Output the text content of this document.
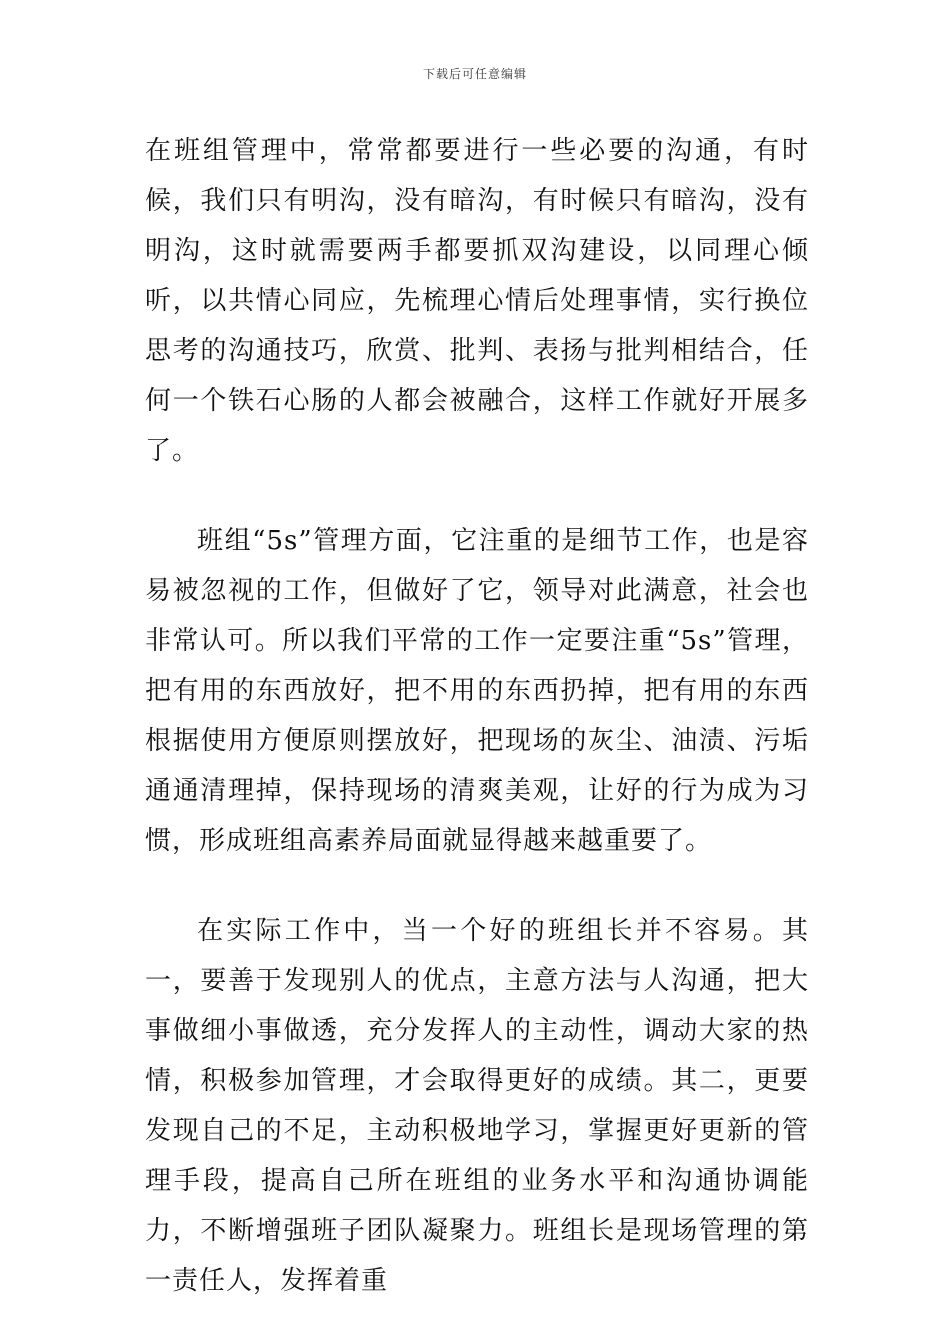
下载后可任意编辑

在班组管理中，常常都要进行一些必要的沟通，有时候，我们只有明沟，没有暗沟，有时候只有暗沟，没有明沟，这时就需要两手都要抓双沟建设，以同理心倾听，以共情心同应，先梳理心情后处理事情，实行换位思考的沟通技巧，欣赏、批判、表扬与批判相结合，任何一个铁石心肠的人都会被融合，这样工作就好开展多了。

班组“5s”管理方面，它注重的是细节工作，也是容易被忽视的工作，但做好了它，领导对此满意，社会也非常认可。所以我们平常的工作一定要注重“5s”管理，把有用的东西放好，把不用的东西扔掉，把有用的东西根据使用方便原则摆放好，把现场的灰尘、油渍、污垢通通清理掉，保持现场的清爽美观，让好的行为成为习惯，形成班组高素养局面就显得越来越重要了。

在实际工作中，当一个好的班组长并不容易。其一，要善于发现别人的优点，主意方法与人沟通，把大事做细小事做透，充分发挥人的主动性，调动大家的热情，积极参加管理，才会取得更好的成绩。其二，更要发现自己的不足，主动积极地学习，掌握更好更新的管理手段，提高自己所在班组的业务水平和沟通协调能力，不断增强班子团队凝聚力。班组长是现场管理的第一责任人，发挥着重
